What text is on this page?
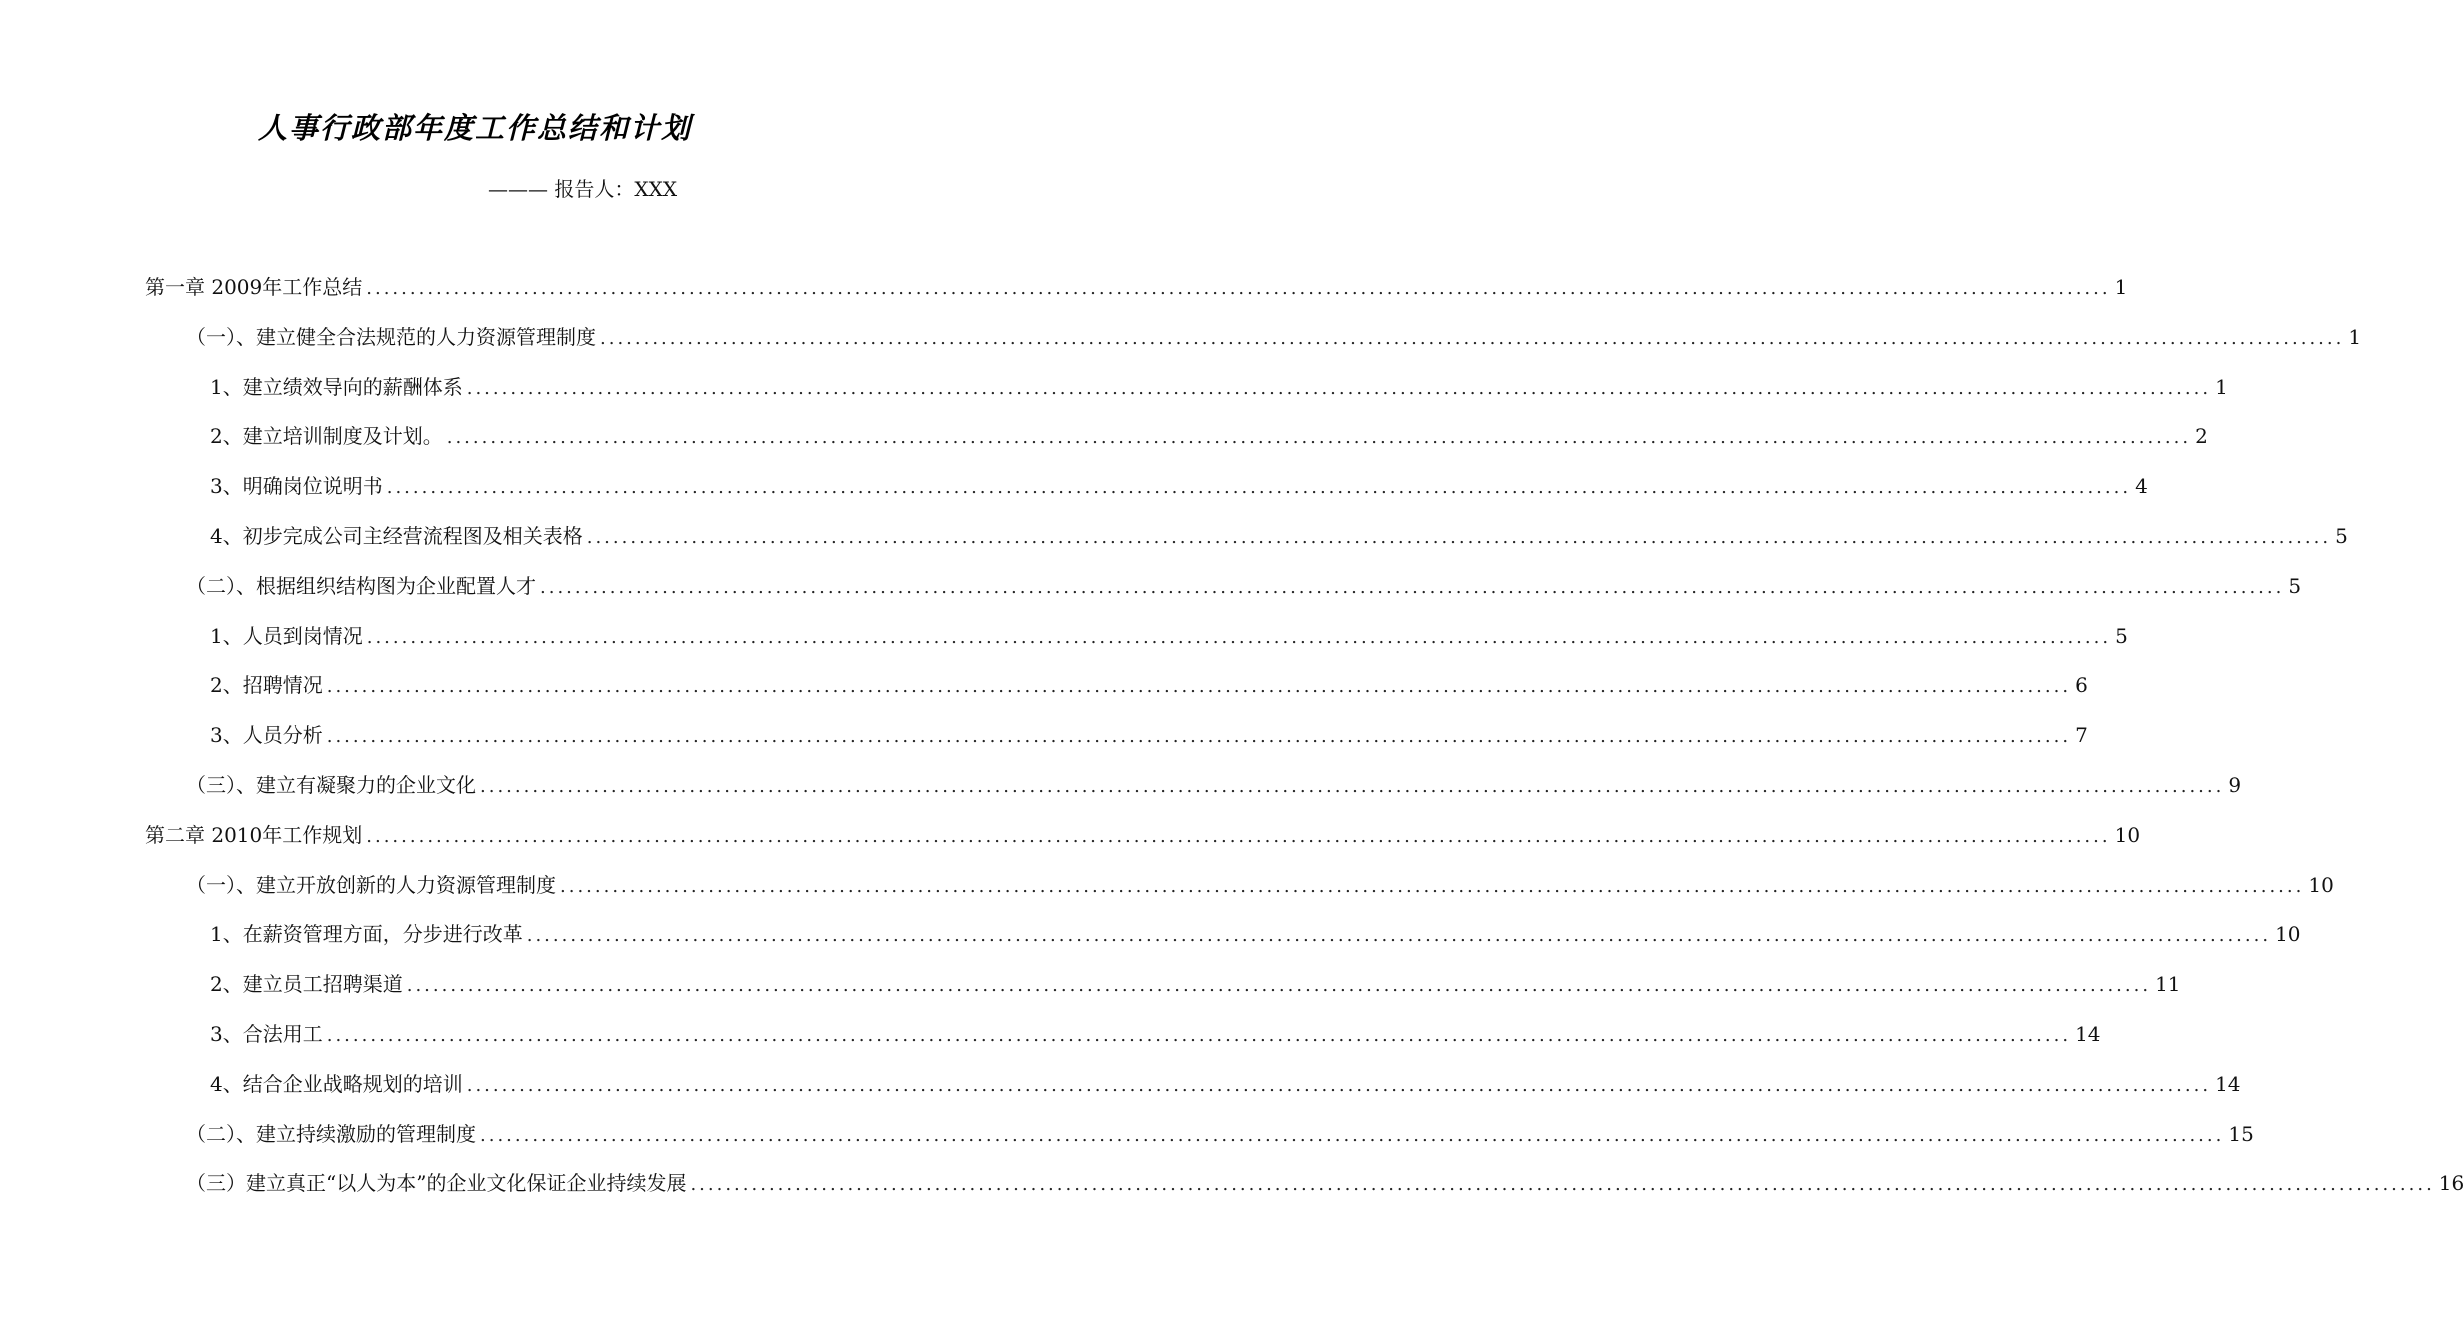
人事行政部年度工作总结和计划
——— 报告人：XXX
第一章 2009年工作总结 ........................................................................................................................................................................................................ 1
（一）、建立健全合法规范的人力资源管理制度 ........................................................................................................................................................................................................ 1
1、建立绩效导向的薪酬体系 ........................................................................................................................................................................................................ 1
2、建立培训制度及计划。 ........................................................................................................................................................................................................ 2
3、明确岗位说明书 ........................................................................................................................................................................................................ 4
4、初步完成公司主经营流程图及相关表格 ........................................................................................................................................................................................................ 5
（二）、根据组织结构图为企业配置人才 ........................................................................................................................................................................................................ 5
1、人员到岗情况 ........................................................................................................................................................................................................ 5
2、招聘情况 ........................................................................................................................................................................................................ 6
3、人员分析 ........................................................................................................................................................................................................ 7
（三）、建立有凝聚力的企业文化 ........................................................................................................................................................................................................ 9
第二章 2010年工作规划 ........................................................................................................................................................................................................ 10
（一）、建立开放创新的人力资源管理制度 ........................................................................................................................................................................................................ 10
1、在薪资管理方面，分步进行改革 ........................................................................................................................................................................................................ 10
2、建立员工招聘渠道 ........................................................................................................................................................................................................ 11
3、合法用工 ........................................................................................................................................................................................................ 14
4、结合企业战略规划的培训 ........................................................................................................................................................................................................ 14
（二）、建立持续激励的管理制度 ........................................................................................................................................................................................................ 15
（三）建立真正“以人为本”的企业文化保证企业持续发展 ........................................................................................................................................................................................................ 16
